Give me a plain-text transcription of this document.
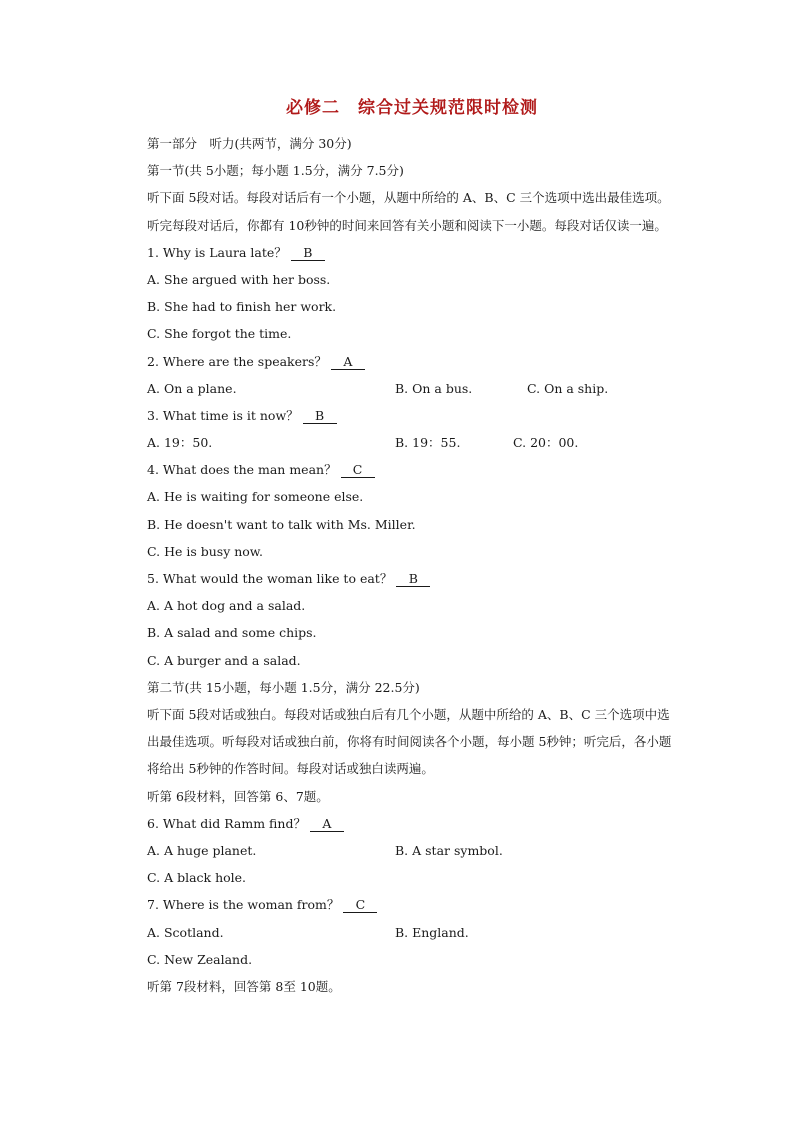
必修二　综合过关规范限时检测
第一部分　听力(共两节，满分 30分)
第一节(共 5小题；每小题 1.5分，满分 7.5分)
听下面 5段对话。每段对话后有一个小题，从题中所给的 A、B、C 三个选项中选出最佳选项。听完每段对话后，你都有 10秒钟的时间来回答有关小题和阅读下一小题。每段对话仅读一遍。
1. Why is Laura late？ B
A. She argued with her boss.
B. She had to finish her work.
C. She forgot the time.
2. Where are the speakers？ A
A. On a plane.	B. On a bus.	C. On a ship.
3. What time is it now？ B
A. 19：50.	B. 19：55.	C. 20：00.
4. What does the man mean？ C
A. He is waiting for someone else.
B. He doesn't want to talk with Ms. Miller.
C. He is busy now.
5. What would the woman like to eat？ B
A. A hot dog and a salad.
B. A salad and some chips.
C. A burger and a salad.
第二节(共 15小题，每小题 1.5分，满分 22.5分)
听下面 5段对话或独白。每段对话或独白后有几个小题，从题中所给的 A、B、C 三个选项中选出最佳选项。听每段对话或独白前，你将有时间阅读各个小题，每小题 5秒钟；听完后，各小题将给出 5秒钟的作答时间。每段对话或独白读两遍。
听第 6段材料，回答第 6、7题。
6. What did Ramm find？ A
A. A huge planet.	B. A star symbol.
C. A black hole.
7. Where is the woman from？ C
A. Scotland.	B. England.
C. New Zealand.
听第 7段材料，回答第 8至 10题。
